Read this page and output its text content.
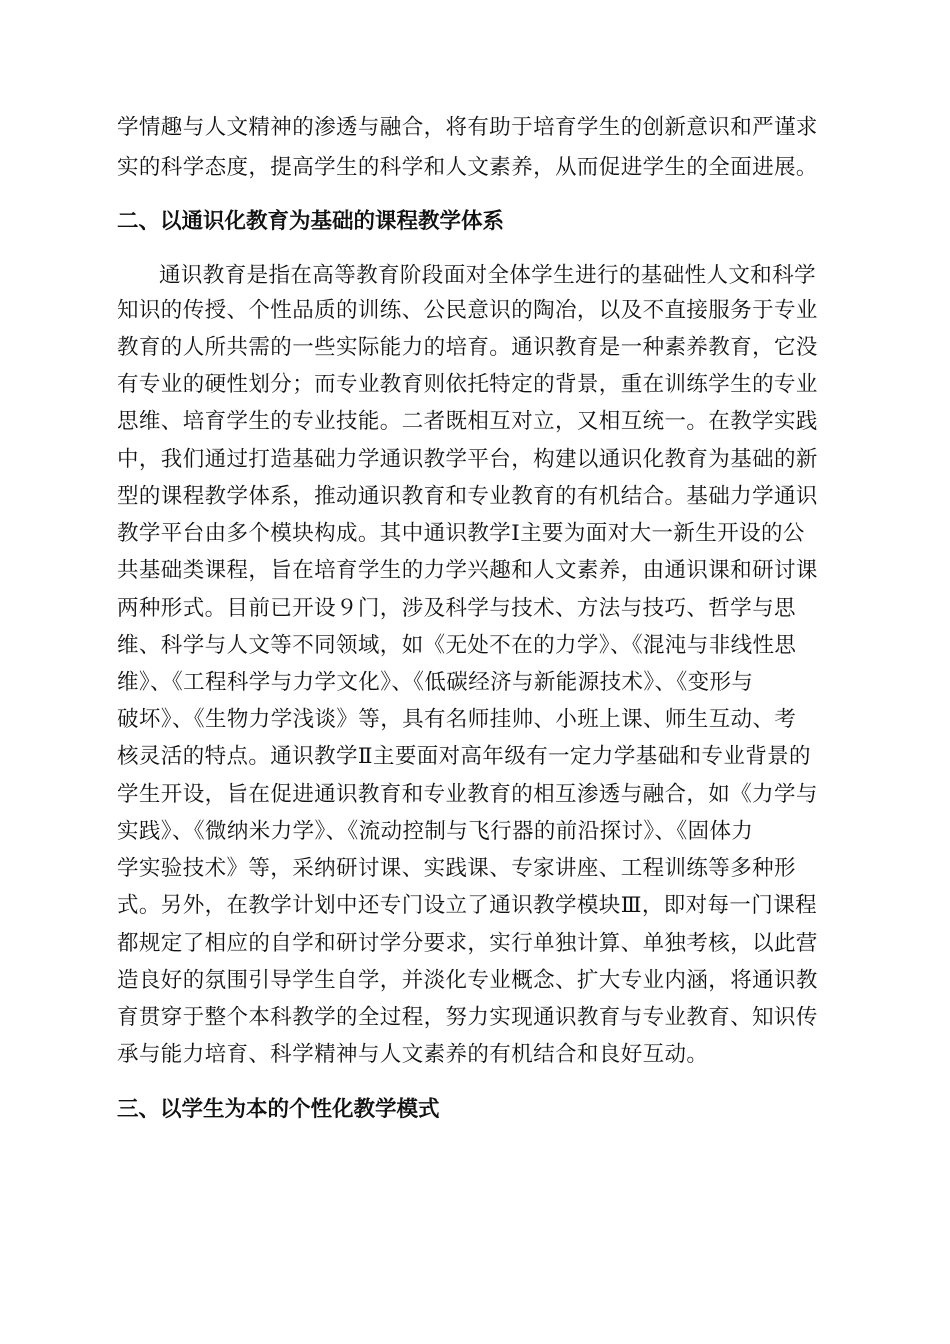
学情趣与人文精神的渗透与融合，将有助于培育学生的创新意识和严谨求
实的科学态度，提高学生的科学和人文素养，从而促进学生的全面进展。
二、以通识化教育为基础的课程教学体系
通识教育是指在高等教育阶段面对全体学生进行的基础性人文和科学
知识的传授、个性品质的训练、公民意识的陶冶，以及不直接服务于专业
教育的人所共需的一些实际能力的培育。通识教育是一种素养教育，它没
有专业的硬性划分；而专业教育则依托特定的背景，重在训练学生的专业
思维、培育学生的专业技能。二者既相互对立，又相互统一。在教学实践
中，我们通过打造基础力学通识教学平台，构建以通识化教育为基础的新
型的课程教学体系，推动通识教育和专业教育的有机结合。基础力学通识
教学平台由多个模块构成。其中通识教学Ⅰ主要为面对大一新生开设的公
共基础类课程，旨在培育学生的力学兴趣和人文素养，由通识课和研讨课
两种形式。目前已开设９门，涉及科学与技术、方法与技巧、哲学与思
维、科学与人文等不同领域，如《无处不在的力学》、《混沌与非线性思
维》、《工程科学与力学文化》、《低碳经济与新能源技术》、《变形与
破坏》、《生物力学浅谈》等，具有名师挂帅、小班上课、师生互动、考
核灵活的特点。通识教学Ⅱ主要面对高年级有一定力学基础和专业背景的
学生开设，旨在促进通识教育和专业教育的相互渗透与融合，如《力学与
实践》、《微纳米力学》、《流动控制与飞行器的前沿探讨》、《固体力
学实验技术》等，采纳研讨课、实践课、专家讲座、工程训练等多种形
式。另外，在教学计划中还专门设立了通识教学模块Ⅲ，即对每一门课程
都规定了相应的自学和研讨学分要求，实行单独计算、单独考核，以此营
造良好的氛围引导学生自学，并淡化专业概念、扩大专业内涵，将通识教
育贯穿于整个本科教学的全过程，努力实现通识教育与专业教育、知识传
承与能力培育、科学精神与人文素养的有机结合和良好互动。
三、以学生为本的个性化教学模式
